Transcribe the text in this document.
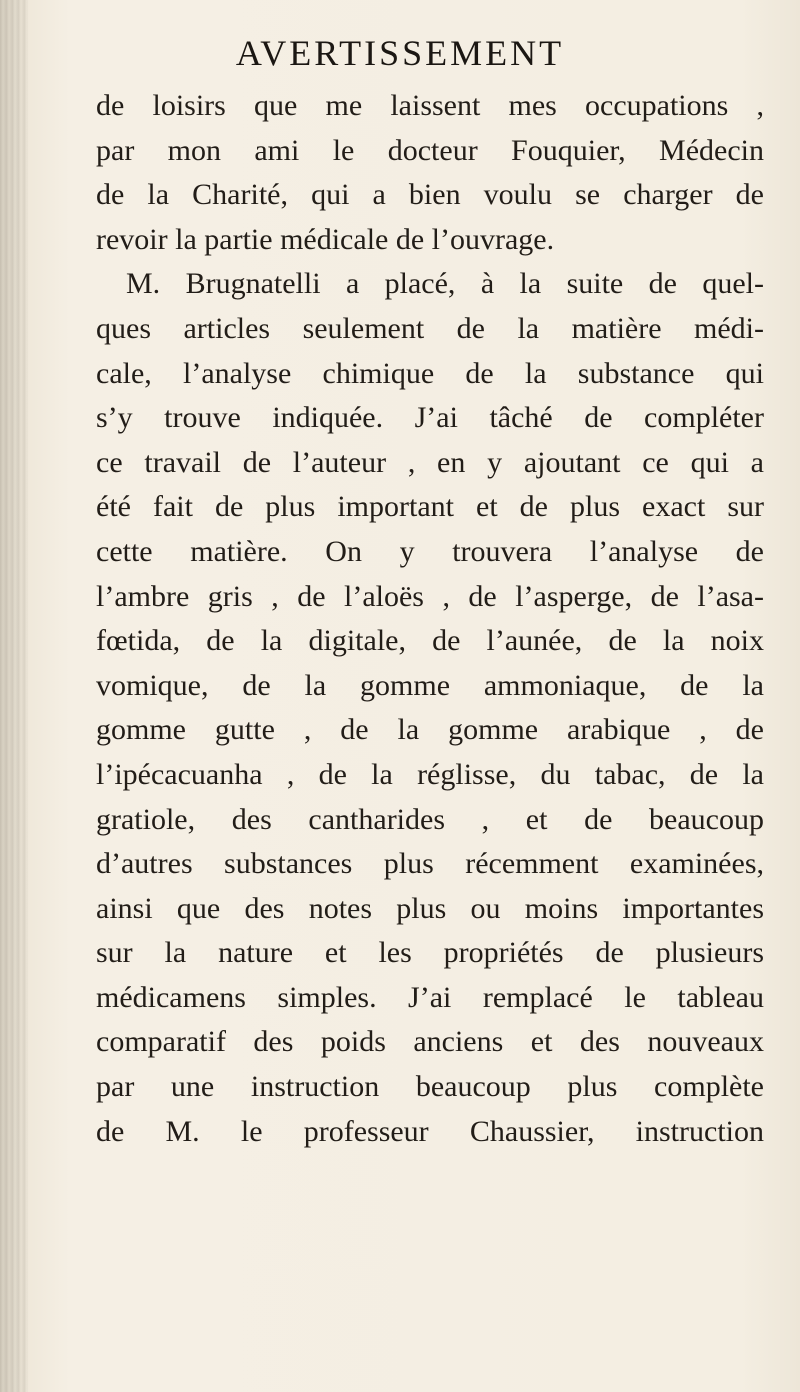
AVERTISSEMENT
de loisirs que me laissent mes occupations ,
par mon ami le docteur Fouquier, Médecin
de la Charité, qui a bien voulu se charger de
revoir la partie médicale de l’ouvrage.
M. Brugnatelli a placé, à la suite de quel-
ques articles seulement de la matière médi-
cale, l’analyse chimique de la substance qui
s’y trouve indiquée. J’ai tâché de compléter
ce travail de l’auteur , en y ajoutant ce qui a
été fait de plus important et de plus exact sur
cette matière. On y trouvera l’analyse de
l’ambre gris , de l’aloës , de l’asperge, de l’asa-
fœtida, de la digitale, de l’aunée, de la noix
vomique, de la gomme ammoniaque, de la
gomme gutte , de la gomme arabique , de
l’ipécacuanha , de la réglisse, du tabac, de la
gratiole, des cantharides , et de beaucoup
d’autres substances plus récemment examinées,
ainsi que des notes plus ou moins importantes
sur la nature et les propriétés de plusieurs
médicamens simples. J’ai remplacé le tableau
comparatif des poids anciens et des nouveaux
par une instruction beaucoup plus complète
de M. le professeur Chaussier, instruction
